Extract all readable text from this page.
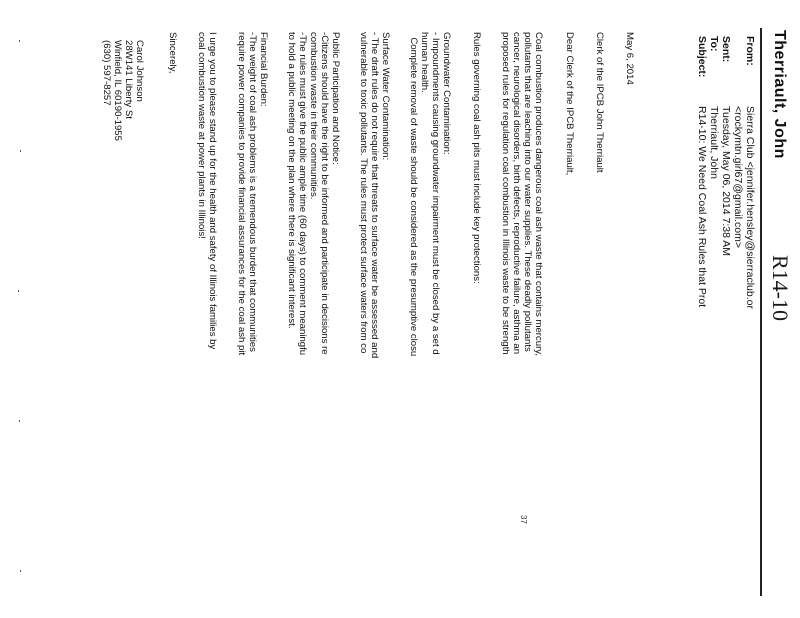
R14-10
Therriault, John
From:
Sierra Club <jennifer.hensley@sierraclub.or
<rockymtn.girl67@gmail.com>
Sent:
Tuesday, May 06, 2014 7:38 AM
To:
Therriault, John
Subject:
R14-10: We Need Coal Ash Rules that Prot
May 6, 2014
Clerk of the IPCB John Therriault
Dear Clerk of the IPCB Therriault,
Coal combustion produces dangerous coal ash waste that contains mercury,
pollutants that are leaching into our water supplies. These deadly pollutants
cancer, neurological disorders, birth defects, reproductive failure, asthma an
proposed rules for regulation coal combustion in Illinois waste to be strength
Rules governing coal ash pits must include key protections:
Groundwater Contamination:
- Impoundments causing groundwater impairment must be closed by a set d
human health.
Complete removal of waste should be considered as the presumptive closu
Surface Water Contamination:
- The draft rules do not require that threats to surface water be assessed and
vulnerable to toxic pollutants. The rules must protect surface waters from co
Public Participation and Notice:
-Citizens should have the right to be informed and participate in decisions re
combustion waste in their communities.
-The rules must give the public ample time (60 days) to comment meaningfu
to hold a public meeting on the plan where there is significant interest.
Financial Burden:
-The weight of coal ash problems is a tremendous burden that communities
require power companies to provide financial assurances for the coal ash pit
I urge you to please stand up for the health and safety of Illinois families by
coal combustion waste at power plants in Illinois!
Sincerely,
Carol Johnson
28W141 Liberty St
Winfield, IL 60190-1955
(630) 597-8257
37
